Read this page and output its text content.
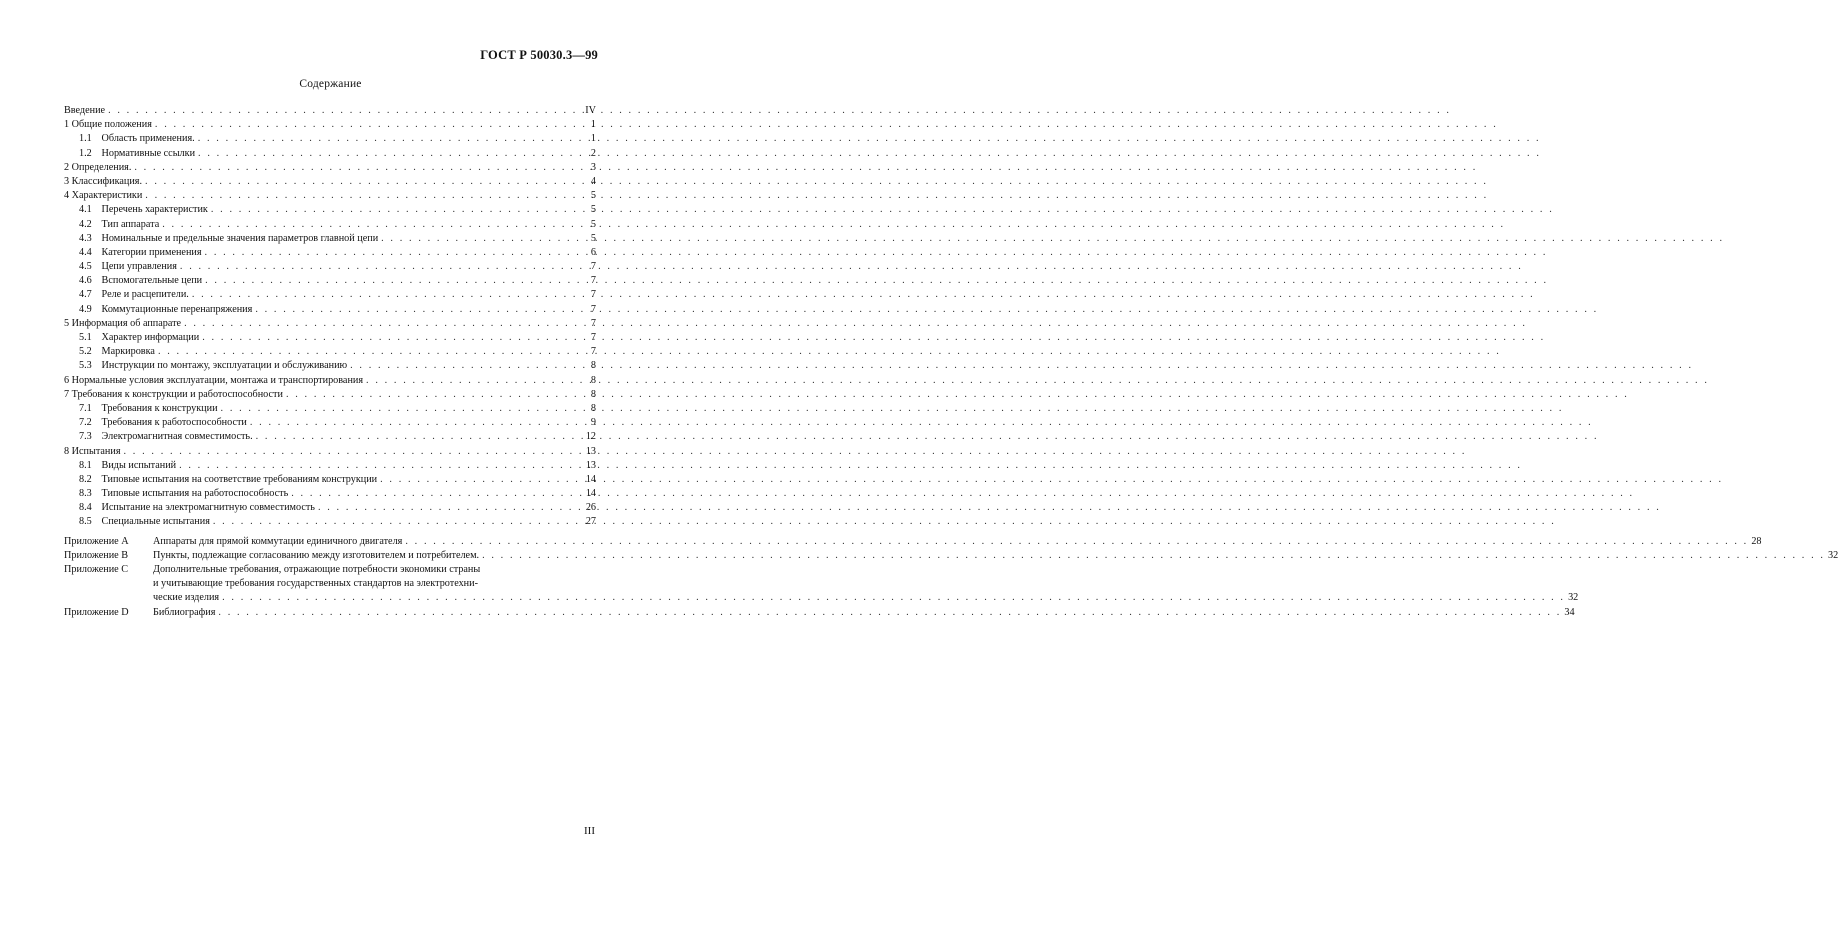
ГОСТ Р 50030.3—99
Содержание
Введение . . .	IV
1 Общие положения . . .	1
1.1 Область применения. . . .	1
1.2 Нормативные ссылки . . .	2
2 Определения. . . .	3
3 Классификация. . . .	4
4 Характеристики . . .	5
4.1 Перечень характеристик . . .	5
4.2 Тип аппарата . . .	5
4.3 Номинальные и предельные значения параметров главной цепи . . .	5
4.4 Категории применения . . .	6
4.5 Цепи управления . . .	7
4.6 Вспомогательные цепи . . .	7
4.7 Реле и расцепители. . . .	7
4.9 Коммутационные перенапряжения . . .	7
5 Информация об аппарате . . .	7
5.1 Характер информации . . .	7
5.2 Маркировка . . .	7
5.3 Инструкции по монтажу, эксплуатации и обслуживанию . . .	8
6 Нормальные условия эксплуатации, монтажа и транспортирования . . .	8
7 Требования к конструкции и работоспособности . . .	8
7.1 Требования к конструкции . . .	8
7.2 Требования к работоспособности . . .	9
7.3 Электромагнитная совместимость. . . .	12
8 Испытания . . .	13
8.1 Виды испытаний . . .	13
8.2 Типовые испытания на соответствие требованиям конструкции . . .	14
8.3 Типовые испытания на работоспособность . . .	14
8.4 Испытание на электромагнитную совместимость . . .	26
8.5 Специальные испытания . . .	27
Приложение A	Аппараты для прямой коммутации единичного двигателя . . .	28
Приложение B	Пункты, подлежащие согласованию между изготовителем и потребителем. . . .	32
Приложение C	Дополнительные требования, отражающие потребности экономики страны
и учитывающие требования государственных стандартов на электротехни-
ческие изделия . . .	32
Приложение D	Библиография . . .	34
III
